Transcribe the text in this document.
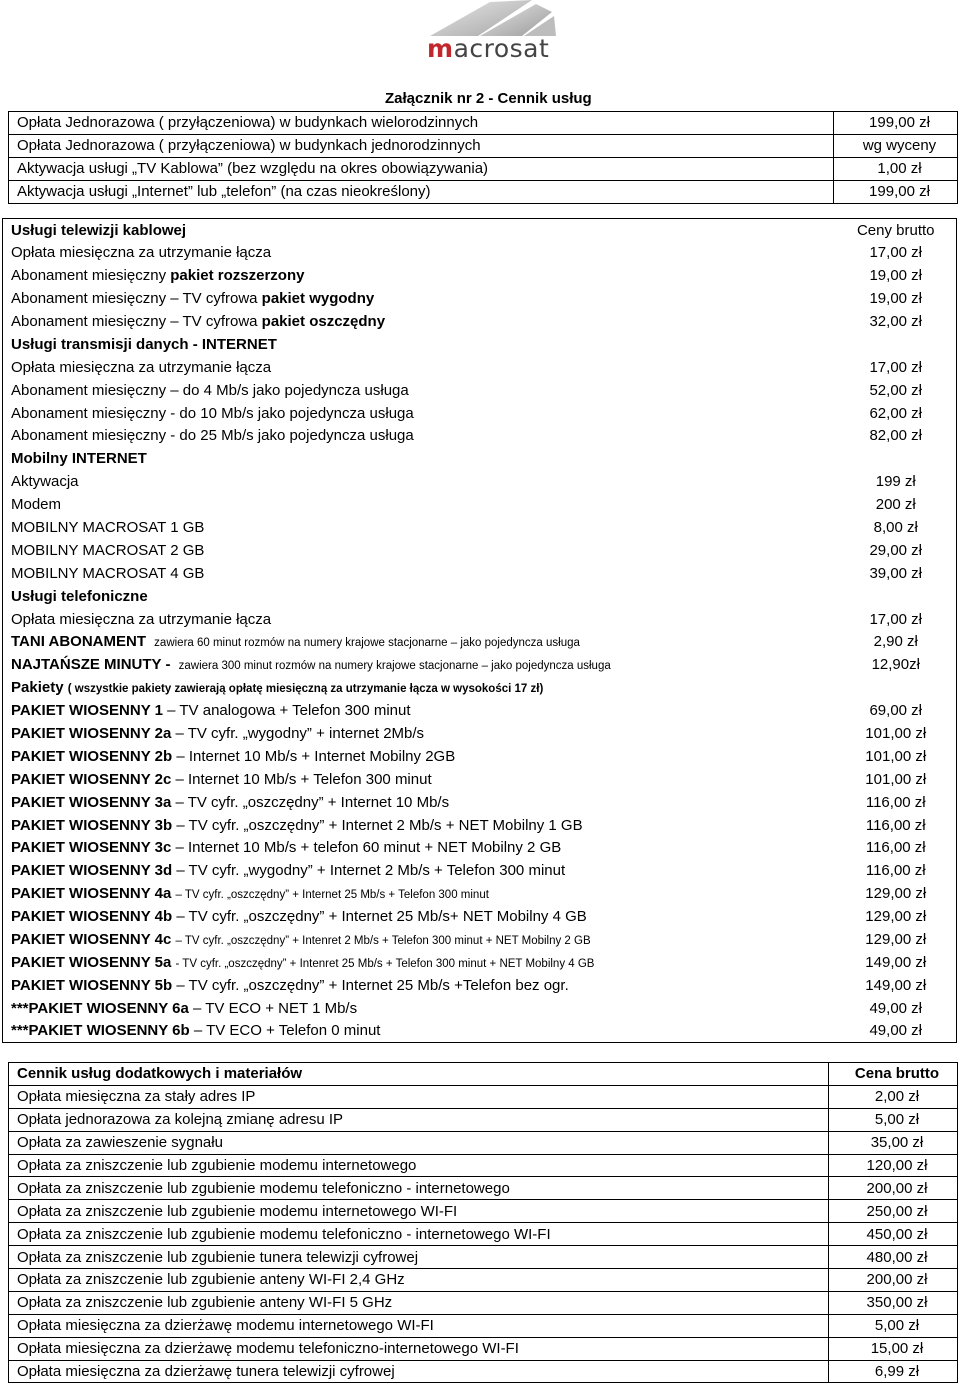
macrosat
Załącznik nr 2 - Cennik usług
Opłata Jednorazowa ( przyłączeniowa) w budynkach wielorodzinnych	199,00 zł
Opłata Jednorazowa ( przyłączeniowa) w budynkach jednorodzinnych	wg wyceny
Aktywacja usługi „TV Kablowa” (bez względu na okres obowiązywania)	1,00 zł
Aktywacja usługi „Internet” lub „telefon” (na czas nieokreślony)	199,00 zł
Usługi telewizji kablowej	Ceny brutto
Opłata miesięczna za utrzymanie łącza	17,00 zł
Abonament miesięczny pakiet rozszerzony	19,00 zł
Abonament miesięczny – TV cyfrowa pakiet wygodny	19,00 zł
Abonament miesięczny – TV cyfrowa pakiet oszczędny	32,00 zł
Usługi transmisji danych - INTERNET	
Opłata miesięczna za utrzymanie łącza	17,00 zł
Abonament miesięczny – do 4 Mb/s jako pojedyncza usługa	52,00 zł
Abonament miesięczny - do 10 Mb/s jako pojedyncza usługa	62,00 zł
Abonament miesięczny - do 25 Mb/s jako pojedyncza usługa	82,00 zł
Mobilny INTERNET	
Aktywacja	199 zł
Modem	200 zł
MOBILNY MACROSAT 1 GB	8,00 zł
MOBILNY MACROSAT 2 GB	29,00 zł
MOBILNY MACROSAT 4 GB	39,00 zł
Usługi telefoniczne	
Opłata miesięczna za utrzymanie łącza	17,00 zł
TANI ABONAMENT zawiera 60 minut rozmów na numery krajowe stacjonarne – jako pojedyncza usługa	2,90 zł
NAJTAŃSZE MINUTY - zawiera 300 minut rozmów na numery krajowe stacjonarne – jako pojedyncza usługa	12,90zł
Pakiety ( wszystkie pakiety zawierają opłatę miesięczną za utrzymanie łącza w wysokości 17 zł)	
PAKIET WIOSENNY 1 – TV analogowa + Telefon 300 minut	69,00 zł
PAKIET WIOSENNY 2a – TV cyfr. „wygodny” + internet 2Mb/s	101,00 zł
PAKIET WIOSENNY 2b – Internet 10 Mb/s + Internet Mobilny 2GB	101,00 zł
PAKIET WIOSENNY 2c – Internet 10 Mb/s + Telefon 300 minut	101,00 zł
PAKIET WIOSENNY 3a – TV cyfr. „oszczędny” + Internet 10 Mb/s	116,00 zł
PAKIET WIOSENNY 3b – TV cyfr. „oszczędny” + Internet 2 Mb/s + NET Mobilny 1 GB	116,00 zł
PAKIET WIOSENNY 3c – Internet 10 Mb/s + telefon 60 minut + NET Mobilny 2 GB	116,00 zł
PAKIET WIOSENNY 3d – TV cyfr. „wygodny” + Internet 2 Mb/s + Telefon 300 minut	116,00 zł
PAKIET WIOSENNY 4a – TV cyfr. „oszczędny” + Internet 25 Mb/s + Telefon 300 minut	129,00 zł
PAKIET WIOSENNY 4b – TV cyfr. „oszczędny” + Internet 25 Mb/s+ NET Mobilny 4 GB	129,00 zł
PAKIET WIOSENNY 4c – TV cyfr. „oszczędny” + Intenret 2 Mb/s + Telefon 300 minut + NET Mobilny 2 GB	129,00 zł
PAKIET WIOSENNY 5a - TV cyfr. „oszczędny” + Intenret 25 Mb/s + Telefon 300 minut + NET Mobilny 4 GB	149,00 zł
PAKIET WIOSENNY 5b – TV cyfr. „oszczędny” + Internet 25 Mb/s +Telefon bez ogr.	149,00 zł
***PAKIET WIOSENNY 6a – TV ECO + NET 1 Mb/s	49,00 zł
***PAKIET WIOSENNY 6b – TV ECO + Telefon 0 minut	49,00 zł
Cennik usług dodatkowych i materiałów	Cena brutto
Opłata miesięczna za stały adres IP	2,00 zł
Opłata jednorazowa za kolejną zmianę adresu IP	5,00 zł
Opłata za zawieszenie sygnału	35,00 zł
Opłata za zniszczenie lub zgubienie modemu internetowego	120,00 zł
Opłata za zniszczenie lub zgubienie modemu telefoniczno - internetowego	200,00 zł
Opłata za zniszczenie lub zgubienie modemu internetowego WI-FI	250,00 zł
Opłata za zniszczenie lub zgubienie modemu telefoniczno - internetowego WI-FI	450,00 zł
Opłata za zniszczenie lub zgubienie tunera telewizji cyfrowej	480,00 zł
Opłata za zniszczenie lub zgubienie anteny WI-FI 2,4 GHz	200,00 zł
Opłata za zniszczenie lub zgubienie anteny WI-FI 5 GHz	350,00 zł
Opłata miesięczna za dzierżawę modemu internetowego WI-FI	5,00 zł
Opłata miesięczna za dzierżawę modemu telefoniczno-internetowego WI-FI	15,00 zł
Opłata miesięczna za dzierżawę tunera telewizji cyfrowej	6,99 zł
